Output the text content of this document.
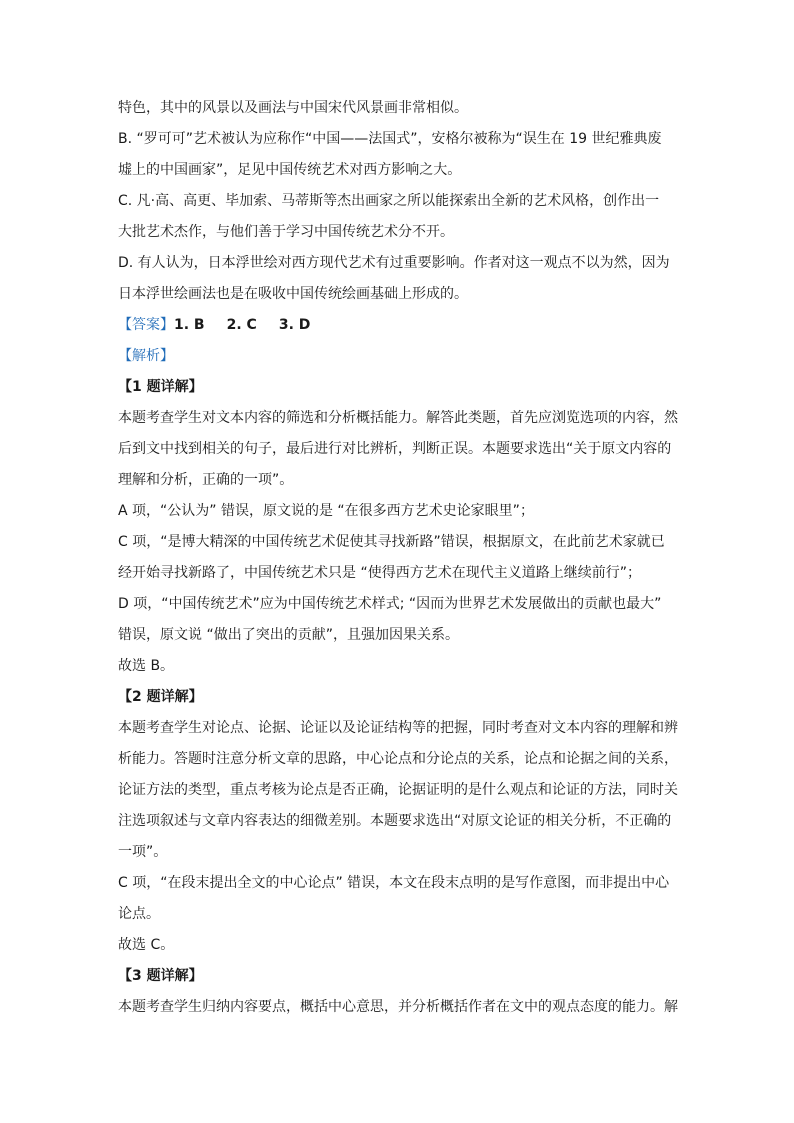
特色，其中的风景以及画法与中国宋代风景画非常相似。
B. “罗可可”艺术被认为应称作“中国——法国式”，安格尔被称为“误生在 19 世纪雅典废
墟上的中国画家”，足见中国传统艺术对西方影响之大。
C. 凡·高、高更、毕加索、马蒂斯等杰出画家之所以能探索出全新的艺术风格，创作出一
大批艺术杰作，与他们善于学习中国传统艺术分不开。
D. 有人认为，日本浮世绘对西方现代艺术有过重要影响。作者对这一观点不以为然，因为
日本浮世绘画法也是在吸收中国传统绘画基础上形成的。
【答案】1. B 2. C 3. D
【解析】
【1 题详解】
本题考查学生对文本内容的筛选和分析概括能力。解答此类题，首先应浏览选项的内容，然
后到文中找到相关的句子，最后进行对比辨析，判断正误。本题要求选出“关于原文内容的
理解和分析，正确的一项”。
A 项，“公认为” 错误，原文说的是 “在很多西方艺术史论家眼里”；
C 项，“是博大精深的中国传统艺术促使其寻找新路”错误，根据原文，在此前艺术家就已
经开始寻找新路了，中国传统艺术只是 “使得西方艺术在现代主义道路上继续前行”；
D 项，“中国传统艺术”应为中国传统艺术样式; “因而为世界艺术发展做出的贡献也最大”
错误，原文说 “做出了突出的贡献”，且强加因果关系。
故选 B。
【2 题详解】
本题考查学生对论点、论据、论证以及论证结构等的把握，同时考查对文本内容的理解和辨
析能力。答题时注意分析文章的思路，中心论点和分论点的关系，论点和论据之间的关系，
论证方法的类型，重点考核为论点是否正确，论据证明的是什么观点和论证的方法，同时关
注选项叙述与文章内容表达的细微差别。本题要求选出“对原文论证的相关分析，不正确的
一项”。
C 项，“在段末提出全文的中心论点” 错误，本文在段末点明的是写作意图，而非提出中心
论点。
故选 C。
【3 题详解】
本题考查学生归纳内容要点，概括中心意思，并分析概括作者在文中的观点态度的能力。解
